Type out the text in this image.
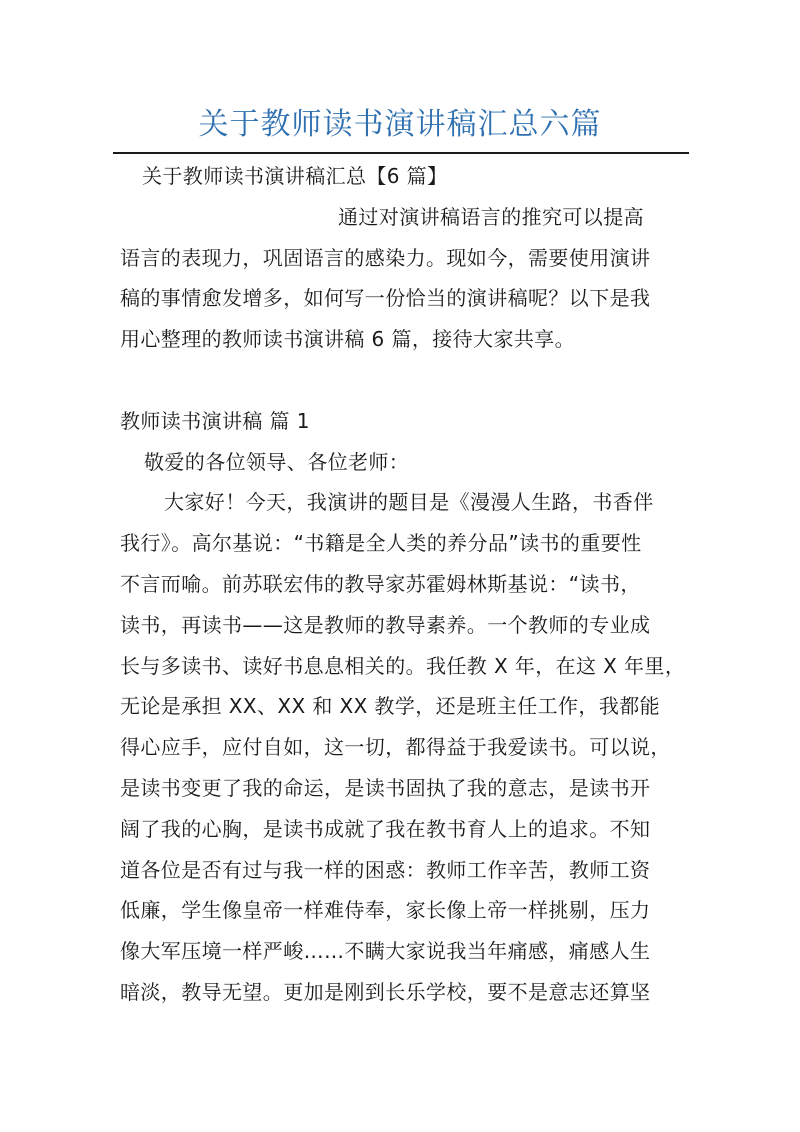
关于教师读书演讲稿汇总六篇
关于教师读书演讲稿汇总【6 篇】
通过对演讲稿语言的推究可以提高
语言的表现力，巩固语言的感染力。现如今，需要使用演讲
稿的事情愈发增多，如何写一份恰当的演讲稿呢？以下是我
用心整理的教师读书演讲稿 6 篇，接待大家共享。
教师读书演讲稿 篇 1
敬爱的各位领导、各位老师：
大家好！今天，我演讲的题目是《漫漫人生路，书香伴
我行》。高尔基说：“书籍是全人类的养分品”读书的重要性
不言而喻。前苏联宏伟的教导家苏霍姆林斯基说：“读书，
读书，再读书——这是教师的教导素养。一个教师的专业成
长与多读书、读好书息息相关的。我任教 X 年，在这 X 年里，
无论是承担 XX、XX 和 XX 教学，还是班主任工作，我都能
得心应手，应付自如，这一切，都得益于我爱读书。可以说，
是读书变更了我的命运，是读书固执了我的意志，是读书开
阔了我的心胸，是读书成就了我在教书育人上的追求。不知
道各位是否有过与我一样的困惑：教师工作辛苦，教师工资
低廉，学生像皇帝一样难侍奉，家长像上帝一样挑剔，压力
像大军压境一样严峻……不瞒大家说我当年痛感，痛感人生
暗淡，教导无望。更加是刚到长乐学校，要不是意志还算坚
